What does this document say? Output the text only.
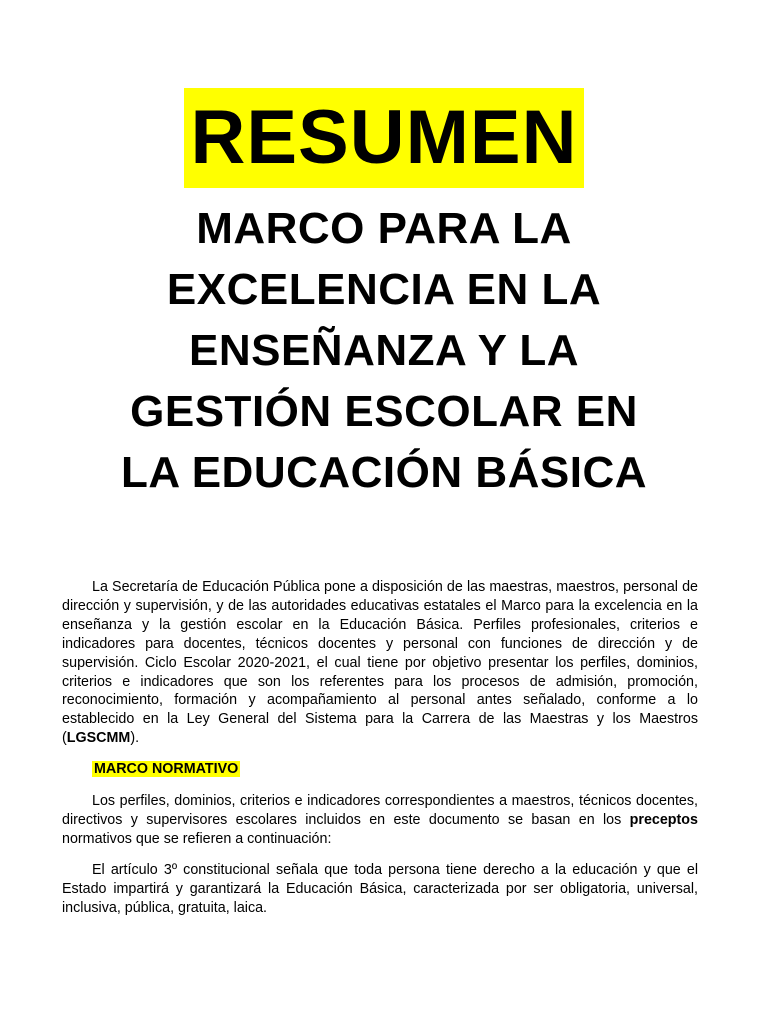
RESUMEN
MARCO PARA LA
EXCELENCIA EN LA
ENSEÑANZA Y LA
GESTIÓN ESCOLAR EN
LA EDUCACIÓN BÁSICA

La Secretaría de Educación Pública pone a disposición de las maestras, maestros, personal de dirección y supervisión, y de las autoridades educativas estatales el Marco para la excelencia en la enseñanza y la gestión escolar en la Educación Básica. Perfiles profesionales, criterios e indicadores para docentes, técnicos docentes y personal con funciones de dirección y de supervisión. Ciclo Escolar 2020-2021, el cual tiene por objetivo presentar los perfiles, dominios, criterios e indicadores que son los referentes para los procesos de admisión, promoción, reconocimiento, formación y acompañamiento al personal antes señalado, conforme a lo establecido en la Ley General del Sistema para la Carrera de las Maestras y los Maestros (LGSCMM).

MARCO NORMATIVO

Los perfiles, dominios, criterios e indicadores correspondientes a maestros, técnicos docentes, directivos y supervisores escolares incluidos en este documento se basan en los preceptos normativos que se refieren a continuación:

El artículo 3º constitucional señala que toda persona tiene derecho a la educación y que el Estado impartirá y garantizará la Educación Básica, caracterizada por ser obligatoria, universal, inclusiva, pública, gratuita, laica.
